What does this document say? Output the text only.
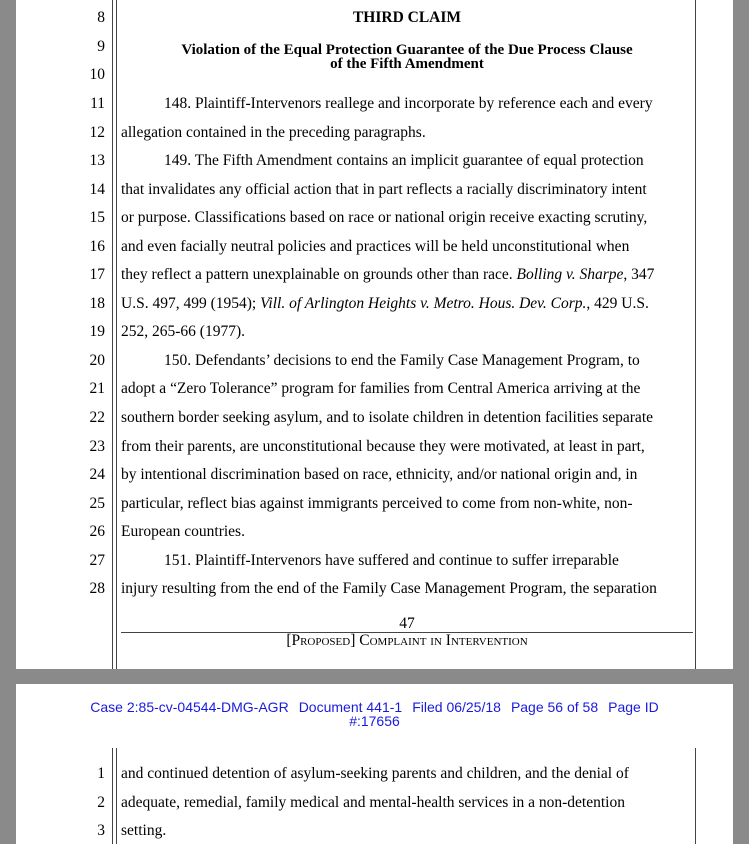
8
9
10
11
12
13
14
15
16
17
18
19
20
21
22
23
24
25
26
27
28
THIRD CLAIM
Violation of the Equal Protection Guarantee of the Due Process Clause
of the Fifth Amendment
148. Plaintiff-Intervenors reallege and incorporate by reference each and every
allegation contained in the preceding paragraphs.
149. The Fifth Amendment contains an implicit guarantee of equal protection
that invalidates any official action that in part reflects a racially discriminatory intent
or purpose. Classifications based on race or national origin receive exacting scrutiny,
and even facially neutral policies and practices will be held unconstitutional when
they reflect a pattern unexplainable on grounds other than race. Bolling v. Sharpe, 347
U.S. 497, 499 (1954); Vill. of Arlington Heights v. Metro. Hous. Dev. Corp., 429 U.S.
252, 265-66 (1977).
150. Defendants’ decisions to end the Family Case Management Program, to
adopt a “Zero Tolerance” program for families from Central America arriving at the
southern border seeking asylum, and to isolate children in detention facilities separate
from their parents, are unconstitutional because they were motivated, at least in part,
by intentional discrimination based on race, ethnicity, and/or national origin and, in
particular, reflect bias against immigrants perceived to come from non-white, non-
European countries.
151. Plaintiff-Intervenors have suffered and continue to suffer irreparable
injury resulting from the end of the Family Case Management Program, the separation
47
[Proposed] Complaint in Intervention
Case 2:85-cv-04544-DMG-AGR Document 441-1 Filed 06/25/18 Page 56 of 58 Page ID
#:17656
1
2
3
and continued detention of asylum-seeking parents and children, and the denial of
adequate, remedial, family medical and mental-health services in a non-detention
setting.
